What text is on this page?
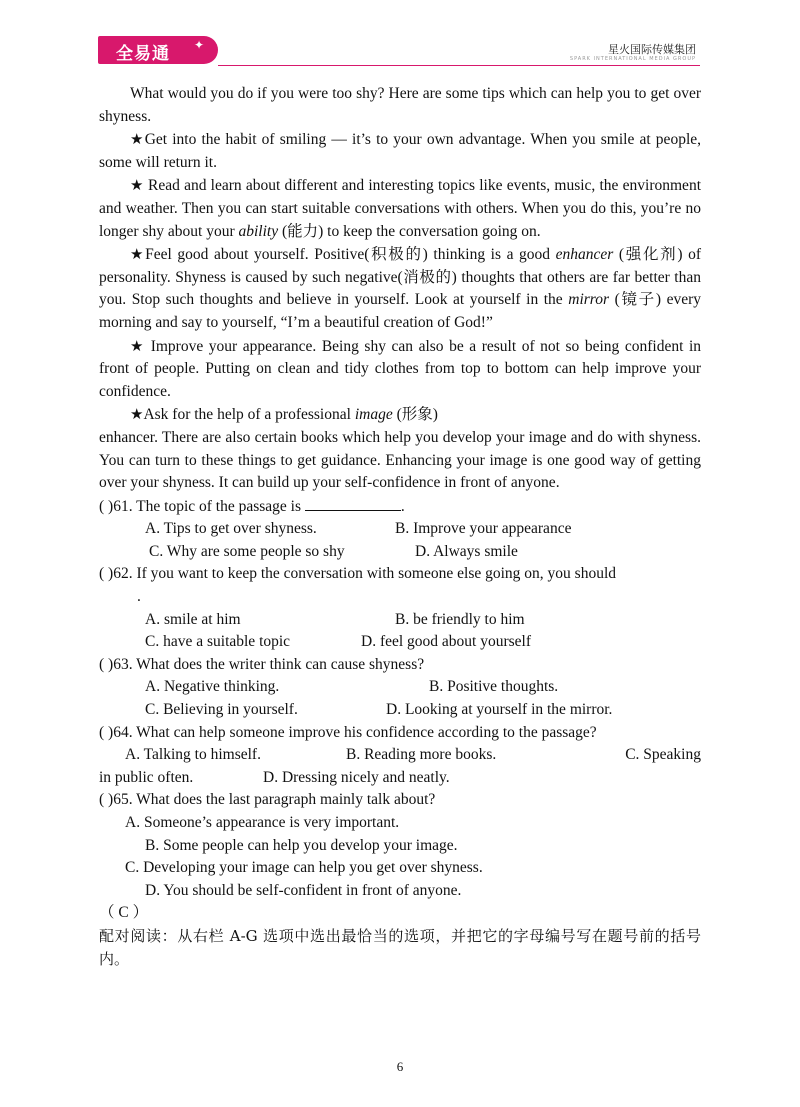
全易通 ✦	星火国际传媒集团
SPARK INTERNATIONAL MEDIA GROUP

What would you do if you were too shy? Here are some tips which can help you to get over shyness.

★Get into the habit of smiling — it’s to your own advantage. When you smile at people, some will return it.

★ Read and learn about different and interesting topics like events, music, the environment and weather. Then you can start suitable conversations with others. When you do this, you’re no longer shy about your ability (能力) to keep the conversation going on.

★Feel good about yourself. Positive(积极的) thinking is a good enhancer (强化剂) of personality. Shyness is caused by such negative(消极的) thoughts that others are far better than you. Stop such thoughts and believe in yourself. Look at yourself in the mirror (镜子) every morning and say to yourself, “I’m a beautiful creation of God!”

★ Improve your appearance. Being shy can also be a result of not so being confident in front of people. Putting on clean and tidy clothes from top to bottom can help improve your confidence.

★Ask for the help of a professional image (形象)

enhancer. There are also certain books which help you develop your image and do with shyness. You can turn to these things to get guidance. Enhancing your image is one good way of getting over your shyness. It can build up your self-confidence in front of anyone.

( )61. The topic of the passage is	.

A. Tips to get over shyness.	B. Improve your appearance
C. Why are some people so shy	D. Always smile

( )62. If you want to keep the conversation with someone else going on, you should

.

A. smile at him	B. be friendly to him
C. have a suitable topic	D. feel good about yourself

( )63. What does the writer think can cause shyness?

A. Negative thinking.	B. Positive thoughts.
C. Believing in yourself.	D. Looking at yourself in the mirror.

( )64. What can help someone improve his confidence according to the passage?

A. Talking to himself.	B. Reading more books.	C. Speaking
in public often.	D. Dressing nicely and neatly.

( )65. What does the last paragraph mainly talk about?

A. Someone’s appearance is very important.

B. Some people can help you develop your image.

C. Developing your image can help you get over shyness.

D. You should be self-confident in front of anyone.

（ C ）

配对阅读：从右栏 A-G 选项中选出最恰当的选项，并把它的字母编号写在题号前的括号内。

6
